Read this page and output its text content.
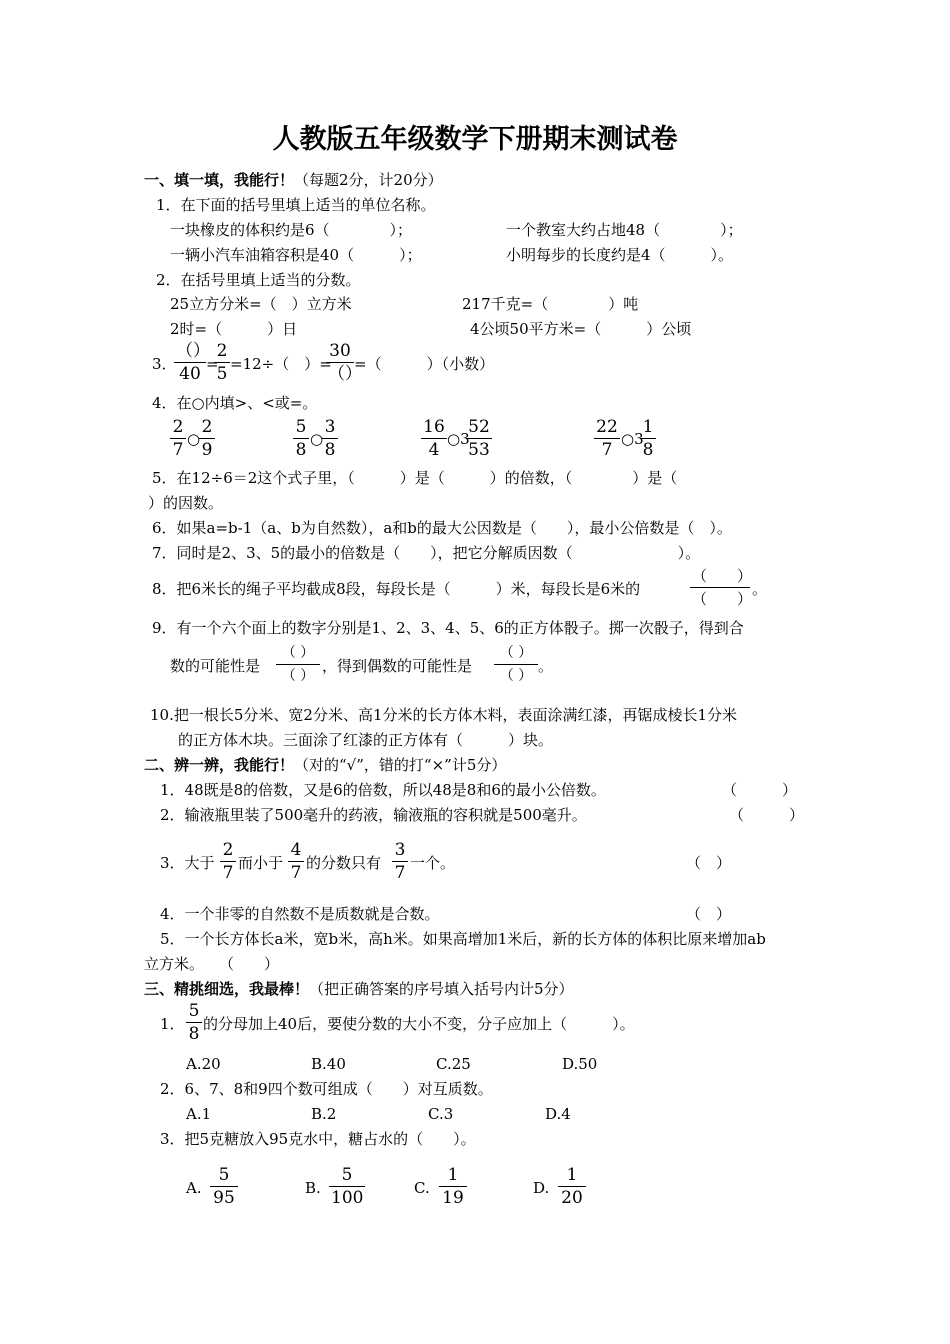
人教版五年级数学下册期末测试卷
一、填一填，我能行！（每题2分，计20分）
1．在下面的括号里填上适当的单位名称。
一块橡皮的体积约是6（　　　　）；	一个教室大约占地48（　　　　）；
一辆小汽车油箱容积是40（　　　）；	小明每步的长度约是4（　　　）。
2．在括号里填上适当的分数。
25立方分米=（　）立方米	217千克=（　　　　）吨
2时=（　　　）日	4公顷50平方米=（　　　）公顷
3．
（）
40 =
$\frac{2}{5} =12\div$（　）=
30
（）
=（　　　）（小数）
4．在○内填>、<或=。
$\frac{2}{7}$ ○
$\frac{2}{9}$	$\frac{5}{8}$ ○
$\frac{3}{8}$	$\frac{16}{4}$ ○3
$\frac{52}{53}$	$\frac{22}{7}$ ○3
$\frac{1}{8}$
5．在12÷6＝2这个式子里，（　　　）是（　　　）的倍数，（　　　　）是（
）的因数。
6．如果a=b-1（a、b为自然数），a和b的最大公因数是（　　），最小公倍数是（　）。
7．同时是2、3、5的最小的倍数是（　　），把它分解质因数（　　　　　　　）。
8．把6米长的绳子平均截成8段，每段长是（　　　）米，每段长是6米的
（　　）
（　　）
。
9．有一个六个面上的数字分别是1、2、3、4、5、6的正方体骰子。掷一次骰子，得到合
数的可能性是
（ ）
（ ）
，得到偶数的可能性是
（ ）
（ ）
。
10.把一根长5分米、宽2分米、高1分米的长方体木料，表面涂满红漆，再锯成棱长1分米
的正方体木块。三面涂了红漆的正方体有（　　　）块。
二、辨一辨，我能行！（对的“√”，错的打“×”计5分）
1．48既是8的倍数，又是6的倍数，所以48是8和6的最小公倍数。	（　　　）
2．输液瓶里装了500毫升的药液，输液瓶的容积就是500毫升。	（　　　）
3．大于 $\frac{2}{7}$ 而小于 $\frac{4}{7}$ 的分数只有 $\frac{3}{7}$ 一个。	（　）
4．一个非零的自然数不是质数就是合数。	（　）
5．一个长方体长a米，宽b米，高h米。如果高增加1米后，新的长方体的体积比原来增加ab
立方米。　　（　　）
三、精挑细选，我最棒！（把正确答案的序号填入括号内计5分）
1． $\frac{5}{8}$ 的分母加上40后，要使分数的大小不变，分子应加上（　　　）。
A.20	B.40	C.25	D.50
2．6、7、8和9四个数可组成（　　）对互质数。
A.1	B.2	C.3	D.4
3．把5克糖放入95克水中，糖占水的（　　）。
A. $\frac{5}{95}$	B. $\frac{5}{100}$	C. $\frac{1}{19}$	D. $\frac{1}{20}$
